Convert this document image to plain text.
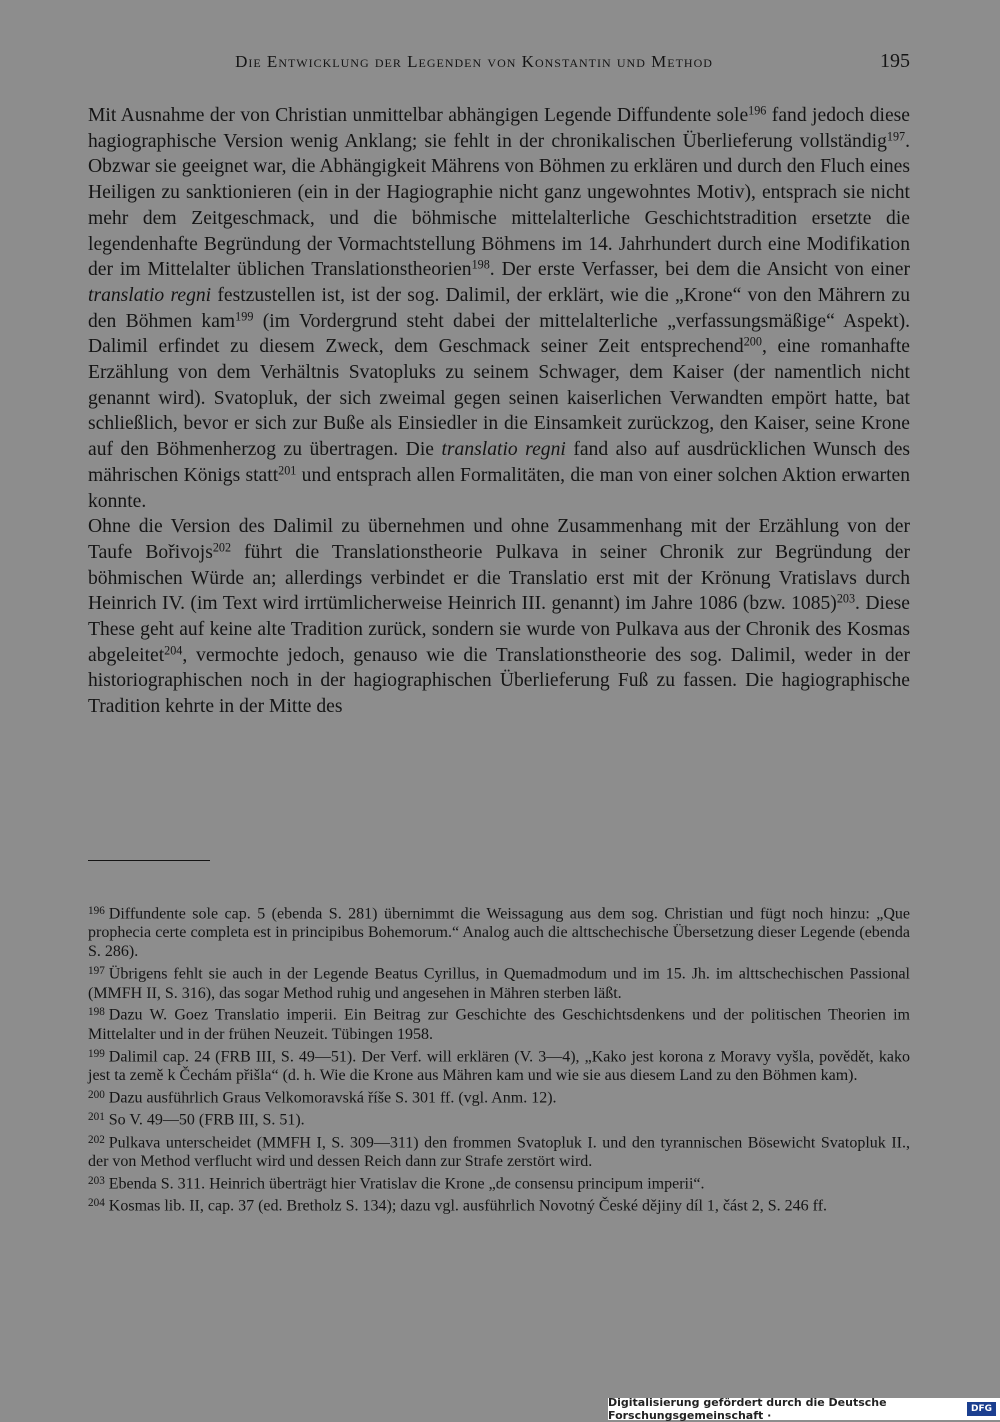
Die Entwicklung der Legenden von Konstantin und Method	195

Mit Ausnahme der von Christian unmittelbar abhängigen Legende Diffundente sole$^{196}$ fand jedoch diese hagiographische Version wenig Anklang; sie fehlt in der chronikalischen Überlieferung vollständig$^{197}$. Obzwar sie geeignet war, die Abhängigkeit Mährens von Böhmen zu erklären und durch den Fluch eines Heiligen zu sanktionieren (ein in der Hagiographie nicht ganz ungewohntes Motiv), entsprach sie nicht mehr dem Zeitgeschmack, und die böhmische mittelalterliche Geschichtstradition ersetzte die legendenhafte Begründung der Vormachtstellung Böhmens im 14. Jahrhundert durch eine Modifikation der im Mittelalter üblichen Translationstheorien$^{198}$. Der erste Verfasser, bei dem die Ansicht von einer translatio regni festzustellen ist, ist der sog. Dalimil, der erklärt, wie die „Krone“ von den Mährern zu den Böhmen kam$^{199}$ (im Vordergrund steht dabei der mittelalterliche „verfassungsmäßige“ Aspekt). Dalimil erfindet zu diesem Zweck, dem Geschmack seiner Zeit entsprechend$^{200}$, eine romanhafte Erzählung von dem Verhältnis Svatopluks zu seinem Schwager, dem Kaiser (der namentlich nicht genannt wird). Svatopluk, der sich zweimal gegen seinen kaiserlichen Verwandten empört hatte, bat schließlich, bevor er sich zur Buße als Einsiedler in die Einsamkeit zurückzog, den Kaiser, seine Krone auf den Böhmenherzog zu übertragen. Die translatio regni fand also auf ausdrücklichen Wunsch des mährischen Königs statt$^{201}$ und entsprach allen Formalitäten, die man von einer solchen Aktion erwarten konnte.

Ohne die Version des Dalimil zu übernehmen und ohne Zusammenhang mit der Erzählung von der Taufe Bořivojs$^{202}$ führt die Translationstheorie Pulkava in seiner Chronik zur Begründung der böhmischen Würde an; allerdings verbindet er die Translatio erst mit der Krönung Vratislavs durch Heinrich IV. (im Text wird irrtümlicherweise Heinrich III. genannt) im Jahre 1086 (bzw. 1085)$^{203}$. Diese These geht auf keine alte Tradition zurück, sondern sie wurde von Pulkava aus der Chronik des Kosmas abgeleitet$^{204}$, vermochte jedoch, genauso wie die Translationstheorie des sog. Dalimil, weder in der historiographischen noch in der hagiographischen Überlieferung Fuß zu fassen. Die hagiographische Tradition kehrte in der Mitte des

$^{196}$ Diffundente sole cap. 5 (ebenda S. 281) übernimmt die Weissagung aus dem sog. Christian und fügt noch hinzu: „Que prophecia certe completa est in principibus Bohemorum.“ Analog auch die alttschechische Übersetzung dieser Legende (ebenda S. 286).

$^{197}$ Übrigens fehlt sie auch in der Legende Beatus Cyrillus, in Quemadmodum und im 15. Jh. im alttschechischen Passional (MMFH II, S. 316), das sogar Method ruhig und angesehen in Mähren sterben läßt.

$^{198}$ Dazu W. Goez Translatio imperii. Ein Beitrag zur Geschichte des Geschichtsdenkens und der politischen Theorien im Mittelalter und in der frühen Neuzeit. Tübingen 1958.

$^{199}$ Dalimil cap. 24 (FRB III, S. 49—51). Der Verf. will erklären (V. 3—4), „Kako jest korona z Moravy vyšla, povědět, kako jest ta země k Čechám přišla“ (d. h. Wie die Krone aus Mähren kam und wie sie aus diesem Land zu den Böhmen kam).

$^{200}$ Dazu ausführlich Graus Velkomoravská říše S. 301 ff. (vgl. Anm. 12).

$^{201}$ So V. 49—50 (FRB III, S. 51).

$^{202}$ Pulkava unterscheidet (MMFH I, S. 309—311) den frommen Svatopluk I. und den tyrannischen Bösewicht Svatopluk II., der von Method verflucht wird und dessen Reich dann zur Strafe zerstört wird.

$^{203}$ Ebenda S. 311. Heinrich überträgt hier Vratislav die Krone „de consensu principum imperii“.

$^{204}$ Kosmas lib. II, cap. 37 (ed. Bretholz S. 134); dazu vgl. ausführlich Novotný České dějiny díl 1, část 2, S. 246 ff.

Digitalisierung gefördert durch die Deutsche Forschungsgemeinschaft ·	DFG
